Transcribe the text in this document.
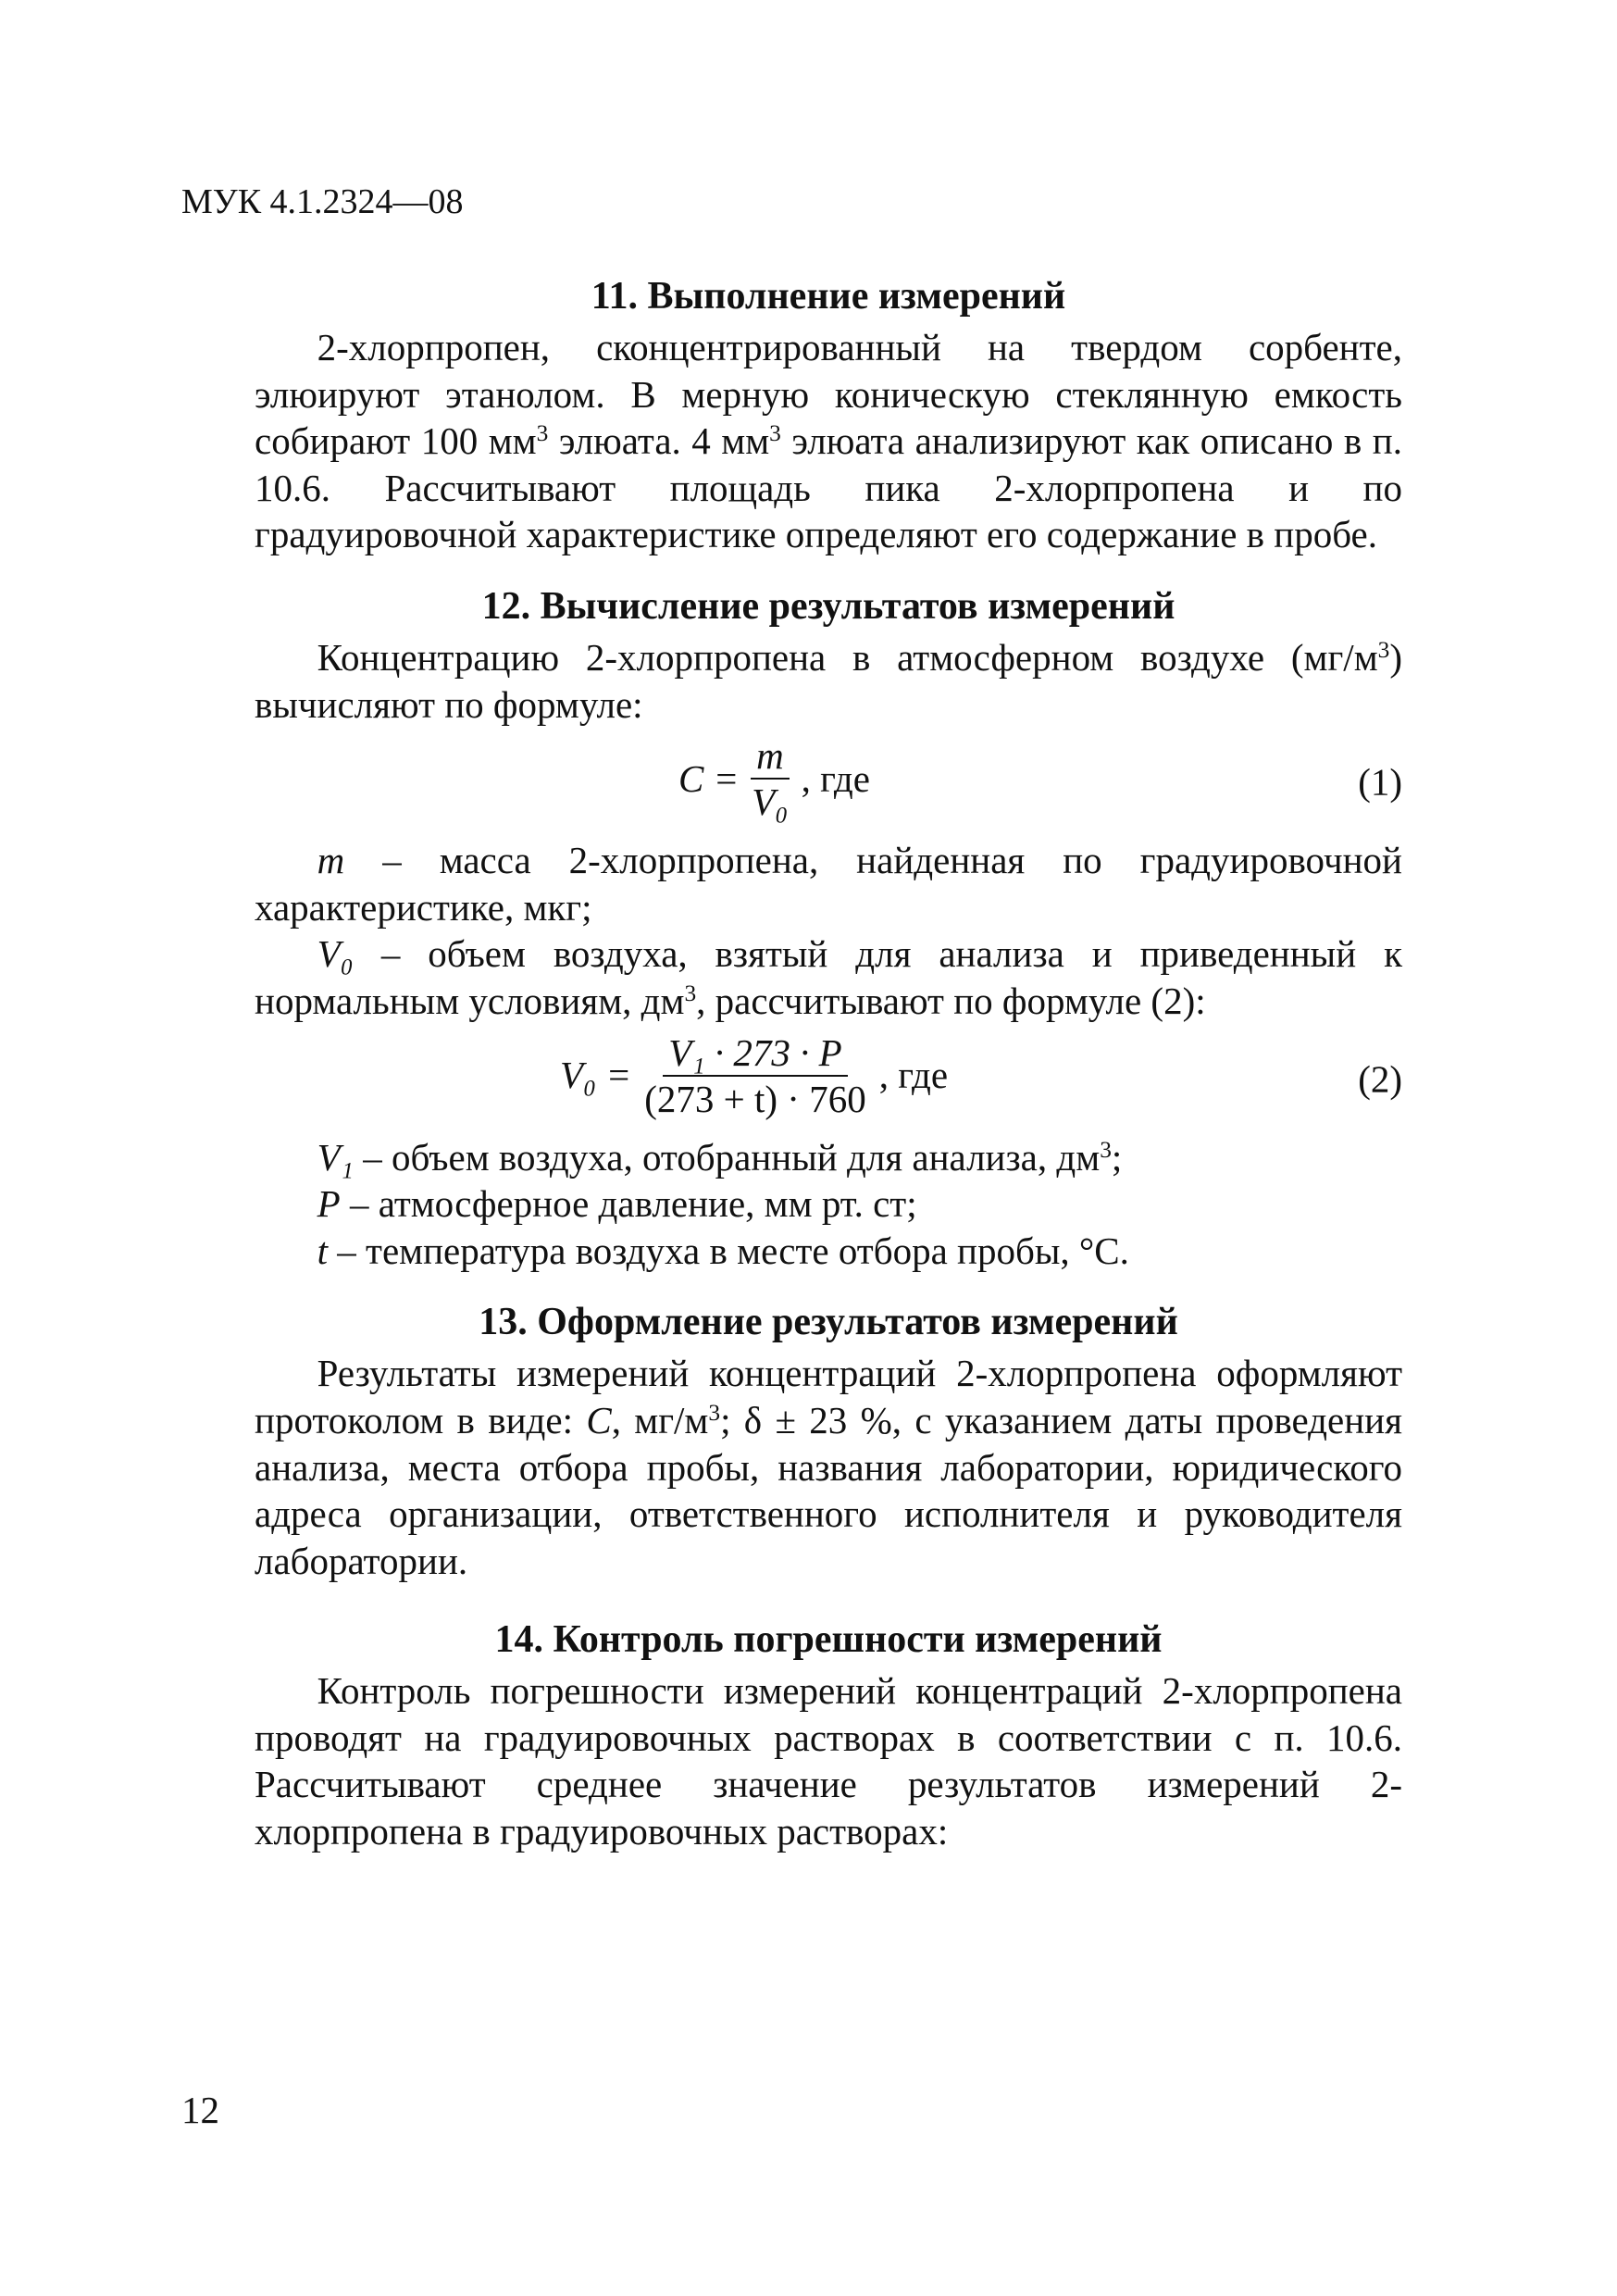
МУК 4.1.2324—08
11. Выполнение измерений

2-хлорпропен, сконцентрированный на твердом сорбенте, элюируют этанолом. В мерную коническую стеклянную емкость собирают 100 $мм^3$ элюата. 4 $мм^3$ элюата анализируют как описано в п. 10.6. Рассчитывают площадь пика 2-хлорпропена и по градуировочной характеристике определяют его содержание в пробе.

12. Вычисление результатов измерений

Концентрацию 2-хлорпропена в атмосферном воздухе $(мг/м^3)$ вычисляют по формуле:

$C = \frac{m}{\text{V₀}}$ , где	(1)

m – масса 2-хлорпропена, найденная по градуировочной характеристике, мкг;

V₀ – объем воздуха, взятый для анализа и приведенный к нормальным условиям, $дм^3$, рассчитывают по формуле (2):

$V_0 = \frac{\text{V₁ · 273 · P}}{(273 + t) \cdot 760}$ , где	(2)

V₁ – объем воздуха, отобранный для анализа, $дм^3$;

P – атмосферное давление, мм рт. ст;

t – температура воздуха в месте отбора пробы, °С.

13. Оформление результатов измерений

Результаты измерений концентраций 2-хлорпропена оформляют протоколом в виде: C, $мг/м^3$; δ ± 23 %, с указанием даты проведения анализа, места отбора пробы, названия лаборатории, юридического адреса организации, ответственного исполнителя и руководителя лаборатории.

14. Контроль погрешности измерений

Контроль погрешности измерений концентраций 2-хлорпропена проводят на градуировочных растворах в соответствии с п. 10.6. Рассчитывают среднее значение результатов измерений 2-хлорпропена в градуировочных растворах:

12
